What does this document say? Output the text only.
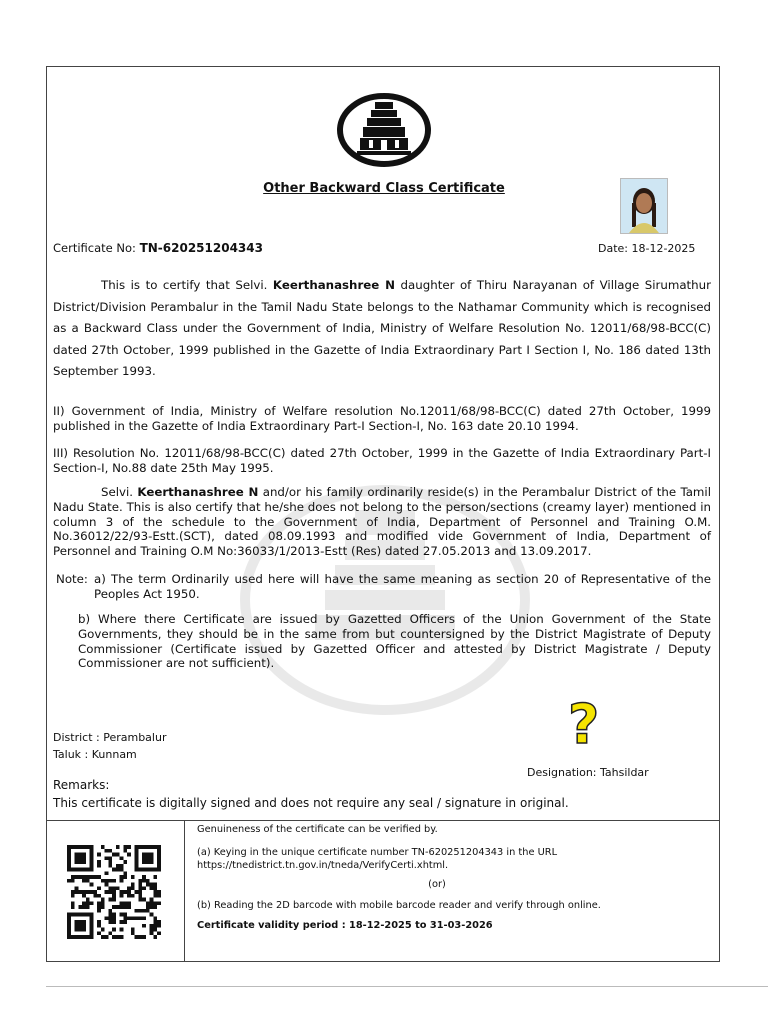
Other Backward Class Certificate
Certificate No: TN-620251204343	Date: 18-12-2025
This is to certify that Selvi. Keerthanashree N daughter of Thiru Narayanan of Village Sirumathur District/Division Perambalur in the Tamil Nadu State belongs to the Nathamar Community which is recognised as a Backward Class under the Government of India, Ministry of Welfare Resolution No. 12011/68/98-BCC(C) dated 27th October, 1999 published in the Gazette of India Extraordinary Part I Section I, No. 186 dated 13th September 1993.
II) Government of India, Ministry of Welfare resolution No.12011/68/98-BCC(C) dated 27th October, 1999 published in the Gazette of India Extraordinary Part-I Section-I, No. 163 date 20.10 1994.
III) Resolution No. 12011/68/98-BCC(C) dated 27th October, 1999 in the Gazette of India Extraordinary Part-I Section-I, No.88 date 25th May 1995.
Selvi. Keerthanashree N and/or his family ordinarily reside(s) in the Perambalur District of the Tamil Nadu State. This is also certify that he/she does not belong to the person/sections (creamy layer) mentioned in column 3 of the schedule to the Government of India, Department of Personnel and Training O.M. No.36012/22/93-Estt.(SCT), dated 08.09.1993 and modified vide Government of India, Department of Personnel and Training O.M No:36033/1/2013-Estt (Res) dated 27.05.2013 and 13.09.2017.
Note: a) The term Ordinarily used here will have the same meaning as section 20 of Representative of the Peoples Act 1950.
b) Where there Certificate are issued by Gazetted Officers of the Union Government of the State Governments, they should be in the same from but countersigned by the District Magistrate of Deputy Commissioner (Certificate issued by Gazetted Officer and attested by District Magistrate / Deputy Commissioner are not sufficient).
District : Perambalur
Taluk : Kunnam	?
Designation: Tahsildar
Remarks:
This certificate is digitally signed and does not require any seal / signature in original.
Genuineness of the certificate can be verified by.
(a) Keying in the unique certificate number TN-620251204343 in the URL https://tnedistrict.tn.gov.in/tneda/VerifyCerti.xhtml.
(or)
(b) Reading the 2D barcode with mobile barcode reader and verify through online.
Certificate validity period : 18-12-2025 to 31-03-2026
